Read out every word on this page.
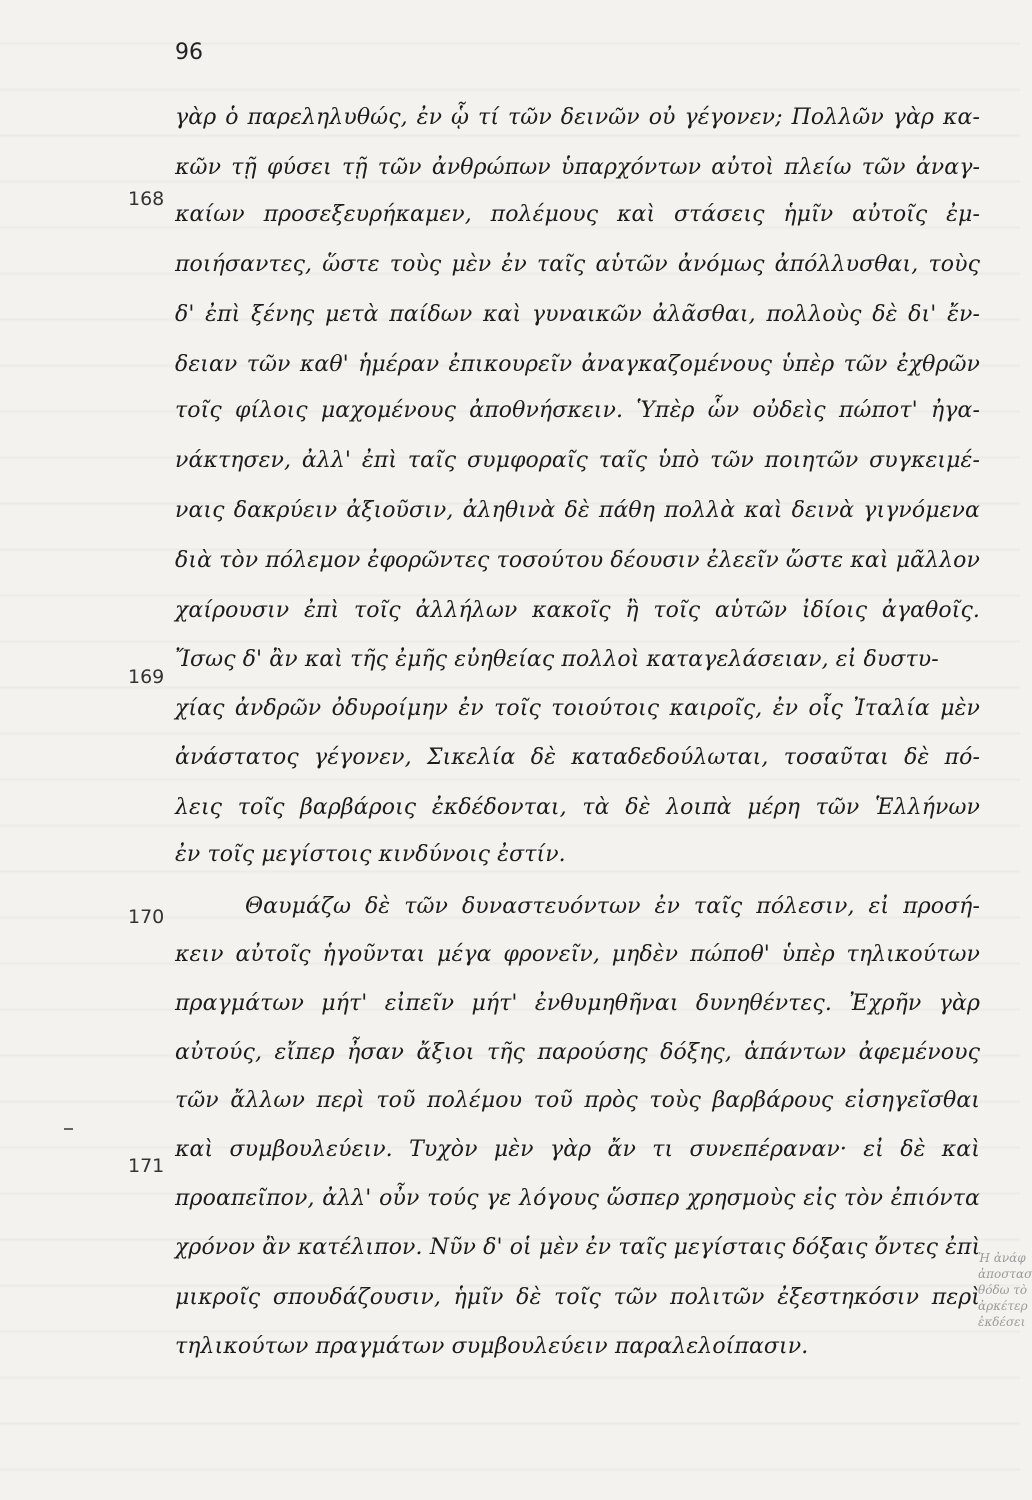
96
168
169
170
171
γὰρ ὁ παρεληλυθώς, ἐν ᾧ τί τῶν δεινῶν οὐ γέγονεν; Πολλῶν γὰρ κα-
κῶν τῇ φύσει τῇ τῶν ἀνθρώπων ὑπαρχόντων αὐτοὶ πλείω τῶν ἀναγ-
καίων προσεξευρήκαμεν, πολέμους καὶ στάσεις ἡμῖν αὐτοῖς ἐμ-
ποιήσαντες, ὥστε τοὺς μὲν ἐν ταῖς αὑτῶν ἀνόμως ἀπόλλυσθαι, τοὺς
δ' ἐπὶ ξένης μετὰ παίδων καὶ γυναικῶν ἀλᾶσθαι, πολλοὺς δὲ δι' ἔν-
δειαν τῶν καθ' ἡμέραν ἐπικουρεῖν ἀναγκαζομένους ὑπὲρ τῶν ἐχθρῶν
τοῖς φίλοις μαχομένους ἀποθνήσκειν. Ὑπὲρ ὧν οὐδεὶς πώποτ' ἠγα-
νάκτησεν, ἀλλ' ἐπὶ ταῖς συμφοραῖς ταῖς ὑπὸ τῶν ποιητῶν συγκειμέ-
ναις δακρύειν ἀξιοῦσιν, ἀληθινὰ δὲ πάθη πολλὰ καὶ δεινὰ γιγνόμενα
διὰ τὸν πόλεμον ἐφορῶντες τοσούτου δέουσιν ἐλεεῖν ὥστε καὶ μᾶλλον
χαίρουσιν ἐπὶ τοῖς ἀλλήλων κακοῖς ἢ τοῖς αὑτῶν ἰδίοις ἀγαθοῖς.
Ἴσως δ' ἂν καὶ τῆς ἐμῆς εὐηθείας πολλοὶ καταγελάσειαν, εἰ δυστυ-
χίας ἀνδρῶν ὀδυροίμην ἐν τοῖς τοιούτοις καιροῖς, ἐν οἷς Ἰταλία μὲν
ἀνάστατος γέγονεν, Σικελία δὲ καταδεδούλωται, τοσαῦται δὲ πό-
λεις τοῖς βαρβάροις ἐκδέδονται, τὰ δὲ λοιπὰ μέρη τῶν Ἑλλήνων
ἐν τοῖς μεγίστοις κινδύνοις ἐστίν.
Θαυμάζω δὲ τῶν δυναστευόντων ἐν ταῖς πόλεσιν, εἰ προσή-
κειν αὐτοῖς ἡγοῦνται μέγα φρονεῖν, μηδὲν πώποθ' ὑπὲρ τηλικούτων
πραγμάτων μήτ' εἰπεῖν μήτ' ἐνθυμηθῆναι δυνηθέντες. Ἐχρῆν γὰρ
αὐτούς, εἴπερ ἦσαν ἄξιοι τῆς παρούσης δόξης, ἁπάντων ἀφεμένους
τῶν ἄλλων περὶ τοῦ πολέμου τοῦ πρὸς τοὺς βαρβάρους εἰσηγεῖσθαι
καὶ συμβουλεύειν. Τυχὸν μὲν γὰρ ἄν τι συνεπέραναν· εἰ δὲ καὶ
προαπεῖπον, ἀλλ' οὖν τούς γε λόγους ὥσπερ χρησμοὺς εἰς τὸν ἐπιόντα
χρόνον ἂν κατέλιπον. Νῦν δ' οἱ μὲν ἐν ταῖς μεγίσταις δόξαις ὄντες ἐπὶ
μικροῖς σπουδάζουσιν, ἡμῖν δὲ τοῖς τῶν πολιτῶν ἐξεστηκόσιν περὶ
τηλικούτων πραγμάτων συμβουλεύειν παραλελοίπασιν.
Ἡ ἀνάφ
ἀποστασ
θόδω τὸ
ἀρκέτερ
ἐκδέσει
